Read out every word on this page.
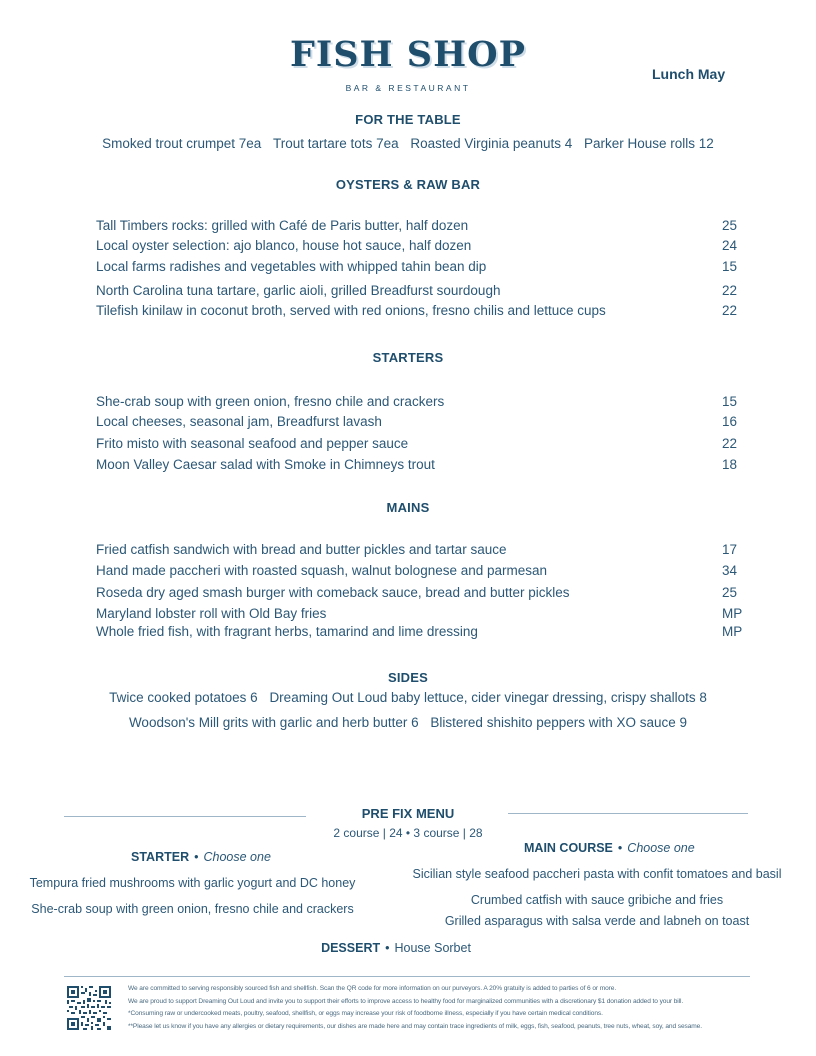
FISH SHOP
BAR & RESTAURANT
Lunch May
FOR THE TABLE
Smoked trout crumpet 7ea Trout tartare tots 7ea Roasted Virginia peanuts 4 Parker House rolls 12
OYSTERS & RAW BAR
Tall Timbers rocks: grilled with Café de Paris butter, half dozen	25
Local oyster selection: ajo blanco, house hot sauce, half dozen	24
Local farms radishes and vegetables with whipped tahin bean dip	15
North Carolina tuna tartare, garlic aioli, grilled Breadfurst sourdough	22
Tilefish kinilaw in coconut broth, served with red onions, fresno chilis and lettuce cups	22
STARTERS
She-crab soup with green onion, fresno chile and crackers	15
Local cheeses, seasonal jam, Breadfurst lavash	16
Frito misto with seasonal seafood and pepper sauce	22
Moon Valley Caesar salad with Smoke in Chimneys trout	18
MAINS
Fried catfish sandwich with bread and butter pickles and tartar sauce	17
Hand made paccheri with roasted squash, walnut bolognese and parmesan	34
Roseda dry aged smash burger with comeback sauce, bread and butter pickles	25
Maryland lobster roll with Old Bay fries	MP
Whole fried fish, with fragrant herbs, tamarind and lime dressing	MP
SIDES
Twice cooked potatoes 6 Dreaming Out Loud baby lettuce, cider vinegar dressing, crispy shallots 8
Woodson's Mill grits with garlic and herb butter 6 Blistered shishito peppers with XO sauce 9
PRE FIX MENU
2 course | 24 • 3 course | 28
STARTER • Choose one
Tempura fried mushrooms with garlic yogurt and DC honey
She-crab soup with green onion, fresno chile and crackers
MAIN COURSE • Choose one
Sicilian style seafood paccheri pasta with confit tomatoes and basil
Crumbed catfish with sauce gribiche and fries
Grilled asparagus with salsa verde and labneh on toast
DESSERT • House Sorbet
We are committed to serving responsibly sourced fish and shellfish. Scan the QR code for more information on our purveyors. A 20% gratuity is added to parties of 6 or more.
We are proud to support Dreaming Out Loud and invite you to support their efforts to improve access to healthy food for marginalized communities with a discretionary $1 donation added to your bill.
*Consuming raw or undercooked meats, poultry, seafood, shellfish, or eggs may increase your risk of foodborne illness, especially if you have certain medical conditions.
**Please let us know if you have any allergies or dietary requirements, our dishes are made here and may contain trace ingredients of milk, eggs, fish, seafood, peanuts, tree nuts, wheat, soy, and sesame.
